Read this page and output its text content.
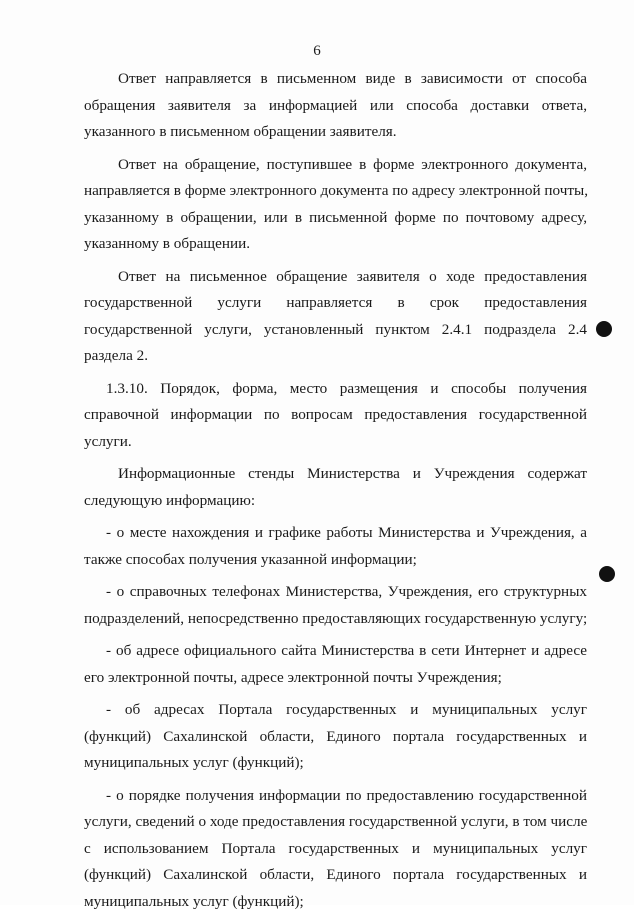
6
Ответ направляется в письменном виде в зависимости от способа
обращения заявителя за информацией или способа доставки ответа,
указанного в письменном обращении заявителя.
Ответ на обращение, поступившее в форме электронного документа,
направляется в форме электронного документа по адресу электронной почты,
указанному в обращении, или в письменной форме по почтовому адресу,
указанному в обращении.
Ответ на письменное обращение заявителя о ходе предоставления
государственной услуги направляется в срок предоставления
государственной услуги, установленный пунктом 2.4.1 подраздела 2.4
раздела 2.
1.3.10. Порядок, форма, место размещения и способы получения
справочной информации по вопросам предоставления государственной
услуги.
Информационные стенды Министерства и Учреждения содержат
следующую информацию:
- о месте нахождения и графике работы Министерства и Учреждения, а
также способах получения указанной информации;
- о справочных телефонах Министерства, Учреждения, его структурных
подразделений, непосредственно предоставляющих государственную услугу;
- об адресе официального сайта Министерства в сети Интернет и адресе
его электронной почты, адресе электронной почты Учреждения;
- об адресах Портала государственных и муниципальных услуг
(функций) Сахалинской области, Единого портала государственных и
муниципальных услуг (функций);
- о порядке получения информации по предоставлению государственной
услуги, сведений о ходе предоставления государственной услуги, в том числе
с использованием Портала государственных и муниципальных услуг
(функций) Сахалинской области, Единого портала государственных и
муниципальных услуг (функций);
